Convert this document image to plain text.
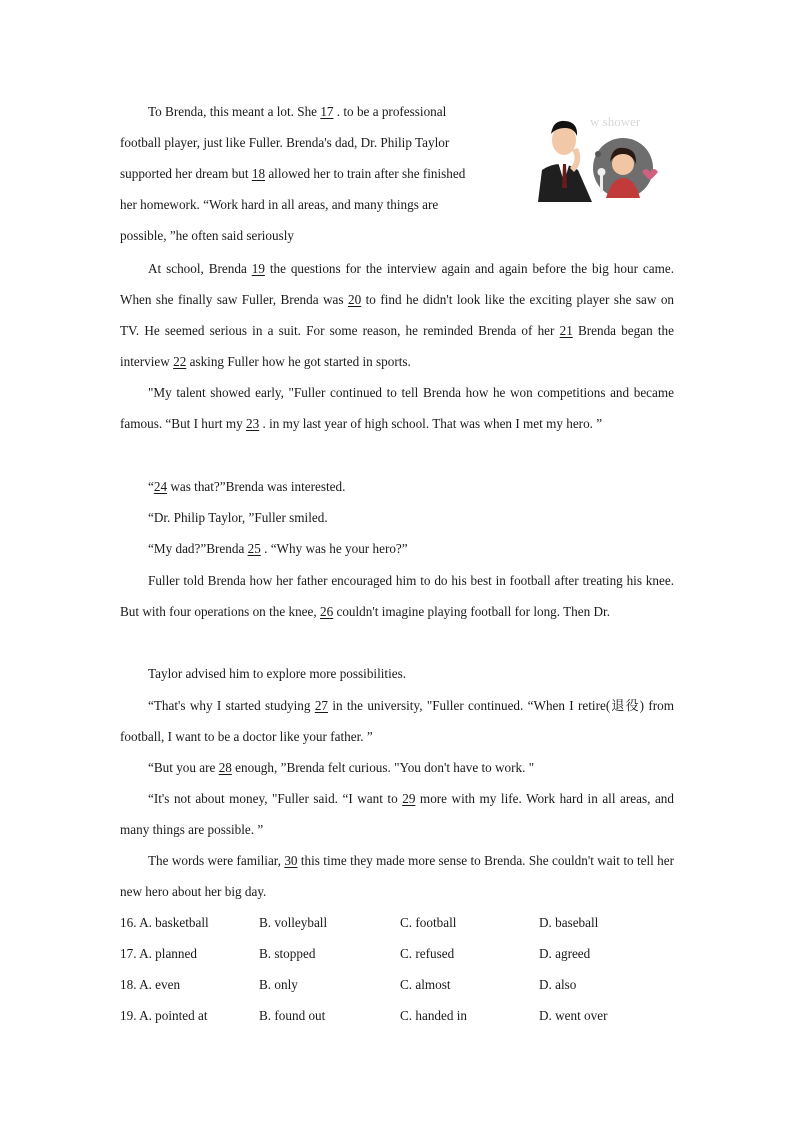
To Brenda, this meant a lot. She 17 . to be a professional
football player, just like Fuller. Brenda's dad, Dr. Philip Taylor
supported her dream but 18 allowed her to train after she finished
her homework. “Work hard in all areas, and many things are
possible, ”he often said seriously

w shower

At school, Brenda 19 the questions for the interview again and again before the big hour came. When she finally saw Fuller, Brenda was 20 to find he didn't look like the exciting player she saw on TV. He seemed serious in a suit. For some reason, he reminded Brenda of her 21 Brenda began the interview 22 asking Fuller how he got started in sports.

"My talent showed early, "Fuller continued to tell Brenda how he won competitions and became famous. “But I hurt my 23 . in my last year of high school. That was when I met my hero. ”

“24 was that?”Brenda was interested.

“Dr. Philip Taylor, ”Fuller smiled.

“My dad?”Brenda 25 . “Why was he your hero?”

Fuller told Brenda how her father encouraged him to do his best in football after treating his knee. But with four operations on the knee, 26 couldn't imagine playing football for long. Then Dr.

Taylor advised him to explore more possibilities.

“That's why I started studying 27 in the university, "Fuller continued. “When I retire(退役) from football, I want to be a doctor like your father. ”

“But you are 28 enough, ”Brenda felt curious. "You don't have to work. "

“It's not about money, "Fuller said. “I want to 29 more with my life. Work hard in all areas, and many things are possible. ”

The words were familiar, 30 this time they made more sense to Brenda. She couldn't wait to tell her new hero about her big day.

16. A. basketball	B. volleyball	C. football	D. baseball
17. A. planned	B. stopped	C. refused	D. agreed
18. A. even	B. only	C. almost	D. also
19. A. pointed at	B. found out	C. handed in	D. went over
